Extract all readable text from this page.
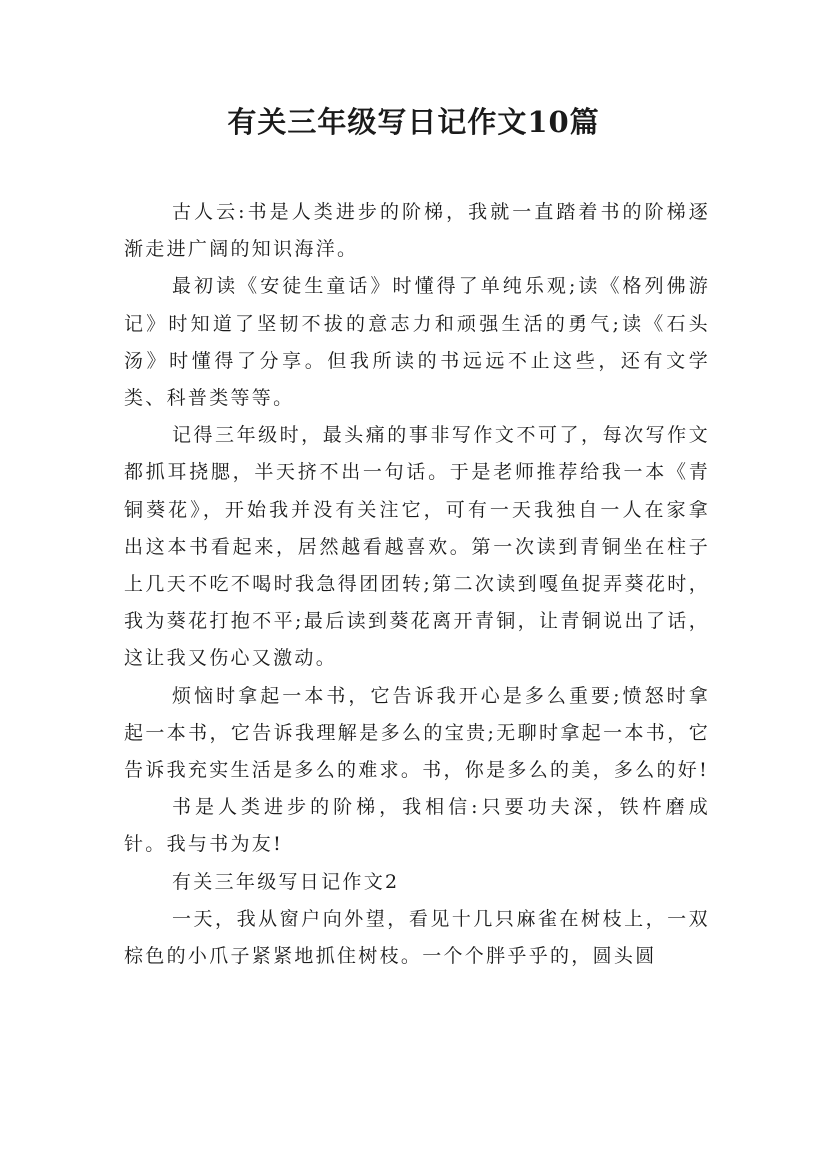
有关三年级写日记作文10篇

古人云:书是人类进步的阶梯，我就一直踏着书的阶梯逐渐走进广阔的知识海洋。

最初读《安徒生童话》时懂得了单纯乐观;读《格列佛游记》时知道了坚韧不拔的意志力和顽强生活的勇气;读《石头汤》时懂得了分享。但我所读的书远远不止这些，还有文学类、科普类等等。

记得三年级时，最头痛的事非写作文不可了，每次写作文都抓耳挠腮，半天挤不出一句话。于是老师推荐给我一本《青铜葵花》，开始我并没有关注它，可有一天我独自一人在家拿出这本书看起来，居然越看越喜欢。第一次读到青铜坐在柱子上几天不吃不喝时我急得团团转;第二次读到嘎鱼捉弄葵花时，我为葵花打抱不平;最后读到葵花离开青铜，让青铜说出了话，这让我又伤心又激动。

烦恼时拿起一本书，它告诉我开心是多么重要;愤怒时拿起一本书，它告诉我理解是多么的宝贵;无聊时拿起一本书，它告诉我充实生活是多么的难求。书，你是多么的美，多么的好!

书是人类进步的阶梯，我相信:只要功夫深，铁杵磨成针。我与书为友!

有关三年级写日记作文2

一天，我从窗户向外望，看见十几只麻雀在树枝上，一双棕色的小爪子紧紧地抓住树枝。一个个胖乎乎的，圆头圆
